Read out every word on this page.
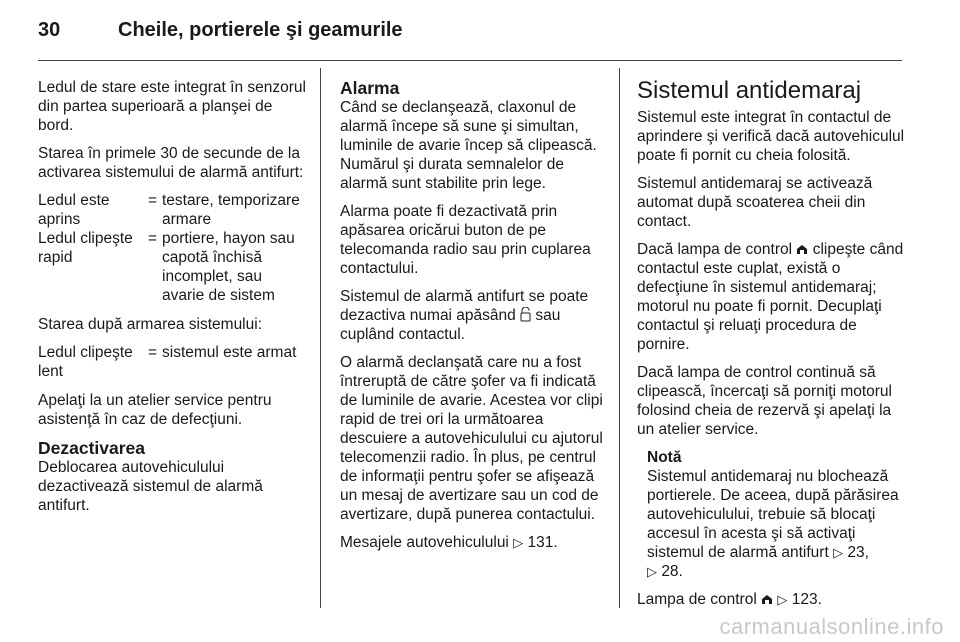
30	Cheile, portierele şi geamurile

Ledul de stare este integrat în senzorul din partea superioară a planşei de bord.

Starea în primele 30 de secunde de la activarea sistemului de alarmă antifurt:

Ledul este aprins
= testare, temporizare armare
Ledul clipeşte rapid
= portiere, hayon sau capotă închisă incomplet, sau avarie de sistem

Starea după armarea sistemului:

Ledul clipeşte lent
= sistemul este armat

Apelaţi la un atelier service pentru asistenţă în caz de defecţiuni.

Dezactivarea

Deblocarea autovehiculului dezactivează sistemul de alarmă antifurt.

Alarma

Când se declanşează, claxonul de alarmă începe să sune şi simultan, luminile de avarie încep să clipească. Numărul şi durata semnalelor de alarmă sunt stabilite prin lege.

Alarma poate fi dezactivată prin apăsarea oricărui buton de pe telecomanda radio sau prin cuplarea contactului.

Sistemul de alarmă antifurt se poate dezactiva numai apăsând sau cuplând contactul.

O alarmă declanşată care nu a fost întreruptă de către şofer va fi indicată de luminile de avarie. Acestea vor clipi rapid de trei ori la următoarea descuiere a autovehiculului cu ajutorul telecomenzii radio. În plus, pe centrul de informaţii pentru şofer se afişează un mesaj de avertizare sau un cod de avertizare, după punerea contactului.

Mesajele autovehiculului ▷ 131.

Sistemul antidemaraj

Sistemul este integrat în contactul de aprindere şi verifică dacă autovehiculul poate fi pornit cu cheia folosită.

Sistemul antidemaraj se activează automat după scoaterea cheii din contact.

Dacă lampa de control clipeşte când contactul este cuplat, există o defecţiune în sistemul antidemaraj; motorul nu poate fi pornit. Decuplaţi contactul şi reluaţi procedura de pornire.

Dacă lampa de control continuă să clipească, încercaţi să porniţi motorul folosind cheia de rezervă şi apelaţi la un atelier service.

Notă
Sistemul antidemaraj nu blochează portierele. De aceea, după părăsirea autovehiculului, trebuie să blocaţi accesul în acesta şi să activaţi sistemul de alarmă antifurt ▷ 23,
▷ 28.

Lampa de control ▷ 123.

carmanualsonline.info
